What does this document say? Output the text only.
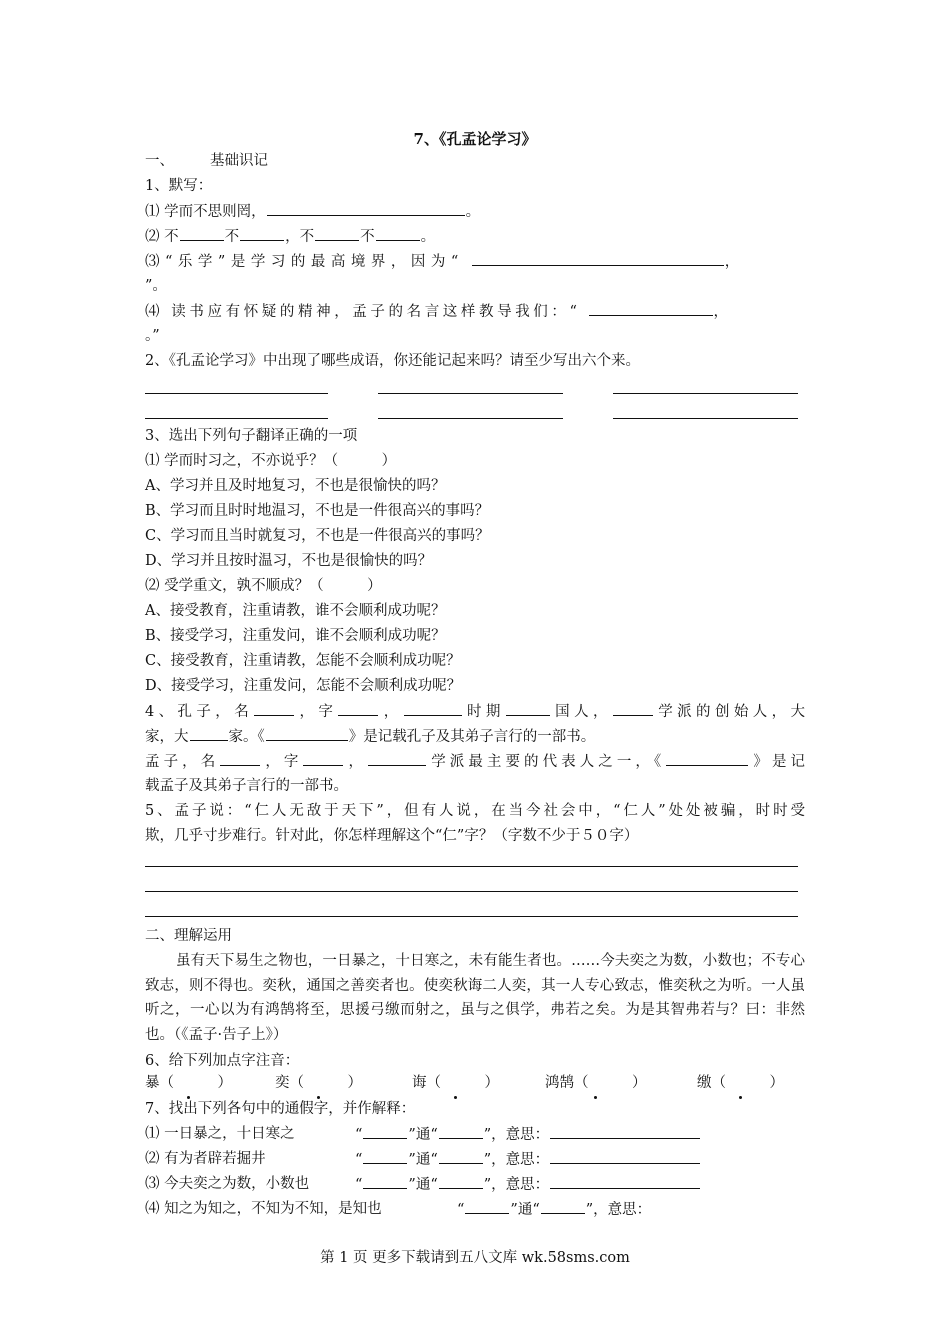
7、《孔孟论学习》
一、 基础识记
1、默写：
⑴ 学而不思则罔，	。
⑵ 不	不	，不	不	。
⑶“乐学”是学习的最高境界，因为“	，
”。
⑷ 读书应有怀疑的精神，孟子的名言这样教导我们：“	，
。”
2、《孔孟论学习》中出现了哪些成语，你还能记起来吗？请至少写出六个来。
3、选出下列句子翻译正确的一项
⑴ 学而时习之，不亦说乎？（　　　）
A、学习并且及时地复习，不也是很愉快的吗？
B、学习而且时时地温习，不也是一件很高兴的事吗？
C、学习而且当时就复习，不也是一件很高兴的事吗？
D、学习并且按时温习，不也是很愉快的吗？
⑵ 受学重文，孰不顺成？（　　　）
A、接受教育，注重请教，谁不会顺利成功呢？
B、接受学习，注重发问，谁不会顺利成功呢？
C、接受教育，注重请教，怎能不会顺利成功呢？
D、接受学习，注重发问，怎能不会顺利成功呢？
4、孔子，名	，字	，	时期	国人，	学派的创始人，大
家，大	家。《	》是记载孔子及其弟子言行的一部书。
孟子，名	，字	，	学派最主要的代表人之一，《	》是记
载孟子及其弟子言行的一部书。
5、孟子说：“仁人无敌于天下”，但有人说，在当今社会中，“仁人”处处被骗，时时受
欺，几乎寸步难行。针对此，你怎样理解这个“仁”字？（字数不少于５０字）
二、理解运用
虽有天下易生之物也，一日暴之，十日寒之，未有能生者也。……今夫奕之为数，小数也；不专心致志，则不得也。奕秋，通国之善奕者也。使奕秋诲二人奕，其一人专心致志，惟奕秋之为听。一人虽听之，一心以为有鸿鹄将至，思援弓缴而射之，虽与之俱学，弗若之矣。为是其智弗若与？曰：非然也。（《孟子·告子上》）
6、给下列加点字注音：
暴（　　　）	奕（　　　）	诲（　　　）	鸿鹄（　　　）	缴（　　　）
7、找出下列各句中的通假字，并作解释：
⑴ 一日暴之，十日寒之	“	”通“	”，意思：
⑵ 有为者辟若掘井	“	”通“	”，意思：
⑶ 今夫奕之为数，小数也	“	”通“	”，意思：
⑷ 知之为知之，不知为不知，是知也	“	”通“	”，意思：
第 1 页 更多下载请到五八文库 wk.58sms.com
